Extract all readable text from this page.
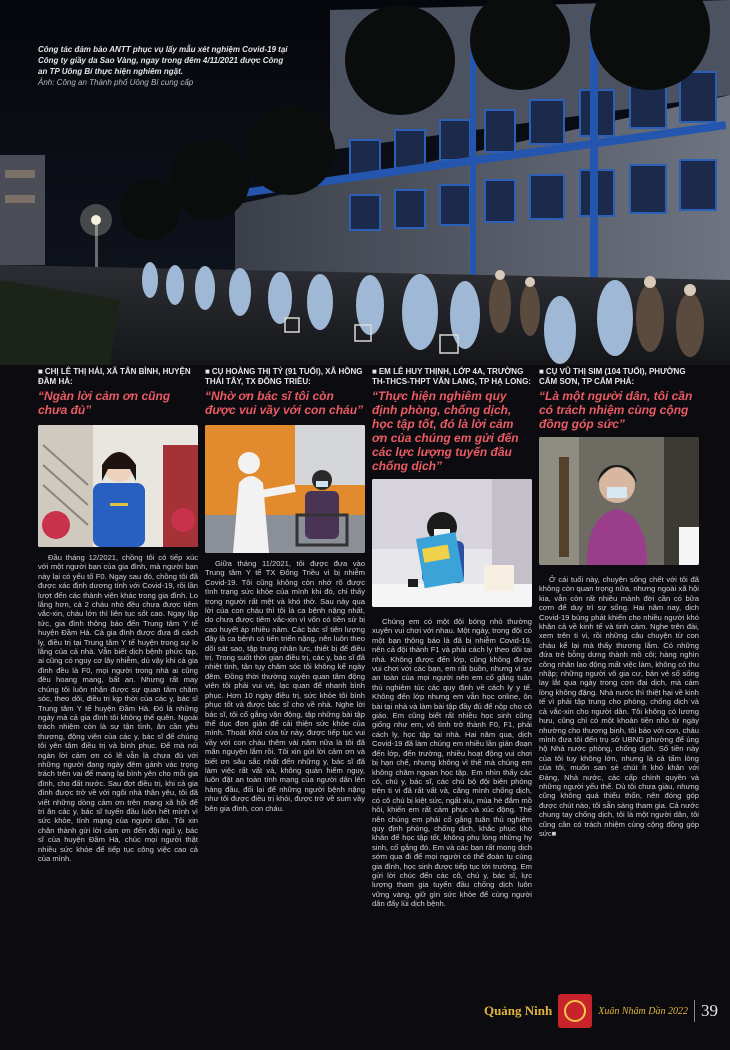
Công tác đảm bảo ANTT phục vụ lấy mẫu xét nghiệm Covid-19 tại Công ty giầy da Sao Vàng, ngay trong đêm 4/11/2021 được Công an TP Uông Bí thực hiện nghiêm ngặt.
Ảnh: Công an Thành phố Uông Bí cung cấp
■ CHỊ LÊ THỊ HẢI, XÃ TÂN BÌNH, HUYỆN ĐẦM HÀ:
“Ngàn lời cảm ơn cũng chưa đủ”
Đầu tháng 12/2021, chồng tôi có tiếp xúc với một người bạn của gia đình, mà người bạn này lại có yếu tố F0. Ngay sau đó, chồng tôi đã được xác định dương tính với Covid-19, rồi lần lượt đến các thành viên khác trong gia đình. Lo lắng hơn, cả 2 cháu nhỏ đều chưa được tiêm vắc-xin, cháu lớn thì liên tục sốt cao. Ngay lập tức, gia đình thông báo đến Trung tâm Y tế huyện Đầm Hà. Cả gia đình được đưa đi cách ly, điều trị tại Trung tâm Y tế huyện trong sự lo lắng của cả nhà. Vẫn biết dịch bệnh phức tạp, ai cũng có nguy cơ lây nhiễm, dù vậy khi cả gia đình đều là F0, mọi người trong nhà ai cũng đều hoang mang, bất an. Nhưng rất may chúng tôi luôn nhận được sự quan tâm chăm sóc, theo dõi, điều trị kịp thời của các y, bác sĩ Trung tâm Y tế huyện Đầm Hà. Đó là những ngày mà cả gia đình tôi không thể quên. Ngoài trách nhiệm còn là sự tận tình, ân cần yêu thương, động viên của các y, bác sĩ để chúng tôi yên tâm điều trị và bình phục. Để mà nói ngàn lời cảm ơn có lẽ vẫn là chưa đủ với những người đang ngày đêm gánh vác trọng trách trên vai để mang lại bình yên cho mỗi gia đình, cho đất nước. Sau đợt điều trị, khi cả gia đình được trở về với ngôi nhà thân yêu, tôi đã viết những dòng cảm ơn trên mạng xã hội để tri ân các y, bác sĩ tuyến đầu luôn hết mình vì sức khỏe, tính mạng của người dân. Tôi xin chân thành gửi lời cảm ơn đến đội ngũ y, bác sĩ của huyện Đầm Hà, chúc mọi người thật nhiều sức khỏe để tiếp tục công việc cao cả của mình.
■ CỤ HOÀNG THỊ TÝ (91 TUỔI), XÃ HỒNG THÁI TÂY, TX ĐÔNG TRIỀU:
“Nhờ ơn bác sĩ tôi còn được vui vầy với con cháu”
Giữa tháng 11/2021, tôi được đưa vào Trung tâm Y tế TX Đông Triều vì bị nhiễm Covid-19. Tôi cũng không còn nhớ rõ được tình trạng sức khỏe của mình khi đó, chỉ thấy trong người rất mệt và khó thở. Sau này qua lời của con cháu thì tôi là ca bệnh nặng nhất, do chưa được tiêm vắc-xin vì vốn có tiền sử bị cao huyết áp nhiều năm. Các bác sĩ tiên lượng đây là ca bệnh có tiến triển nặng, nên luôn theo dõi sát sao, tập trung nhân lực, thiết bị để điều trị. Trong suốt thời gian điều trị, các y, bác sĩ đã nhiệt tình, tận tụy chăm sóc tôi không kể ngày đêm. Đồng thời thường xuyên quan tâm động viên tôi phải vui vẻ, lạc quan để nhanh bình phục. Hơn 10 ngày điều trị, sức khỏe tôi bình phục tốt và được bác sĩ cho về nhà. Nghe lời bác sĩ, tôi cố gắng vận động, tập những bài tập thể dục đơn giản để cải thiện sức khỏe của mình. Thoát khỏi cửa tử này, được tiếp tục vui vầy với con cháu thêm vài năm nữa là tôi đã mãn nguyện lắm rồi. Tôi xin gửi lời cảm ơn và biết ơn sâu sắc nhất đến những y, bác sĩ đã làm việc rất vất vả, không quản hiểm nguy, luôn đặt an toàn tính mạng của người dân lên hàng đầu, đối lại để những người bệnh nặng như tôi được điều trị khỏi, được trở về sum vầy bên gia đình, con cháu.
■ EM LÊ HUY THỊNH, LỚP 4A, TRƯỜNG TH-THCS-THPT VĂN LANG, TP HẠ LONG:
“Thực hiện nghiêm quy định phòng, chống dịch, học tập tốt, đó là lời cảm ơn của chúng em gửi đến các lực lượng tuyến đầu chống dịch”
Chúng em có một đội bóng nhỏ thường xuyên vui chơi với nhau. Một ngày, trong đội có một bạn thông báo là đã bị nhiễm Covid-19, nên cả đội thành F1 và phải cách ly theo dõi tại nhà. Không được đến lớp, cũng không được vui chơi với các bạn, em rất buồn, nhưng vì sự an toàn của mọi người nên em cố gắng tuân thủ nghiêm túc các quy định về cách ly y tế. Không đến lớp nhưng em vẫn học online, ôn bài tại nhà và làm bài tập đầy đủ để nộp cho cô giáo. Em cũng biết rất nhiều học sinh cũng giống như em, vô tình trở thành F0, F1, phải cách ly, học tập tại nhà. Hai năm qua, dịch Covid-19 đã làm chúng em nhiều lần gián đoạn đến lớp, đến trường, nhiều hoạt động vui chơi bị hạn chế, nhưng không vì thế mà chúng em không chăm ngoan học tập. Em nhìn thấy các cô, chú y, bác sĩ, các chú bộ đội biên phòng trên ti vi đã rất vất vả, căng mình chống dịch, có cô chú bị kiệt sức, ngất xỉu, mùa hè đắm mồ hôi, khiến em rất cảm phục và xúc động. Thế nên chúng em phải cố gắng tuân thủ nghiêm quy định phòng, chống dịch, khắc phục khó khăn để học tập tốt, không phụ lòng những hy sinh, cố gắng đó. Em và các bạn rất mong dịch sớm qua đi để mọi người có thể đoàn tụ cùng gia đình, học sinh được tiếp tục tới trường. Em gửi lời chúc đến các cô, chú y, bác sĩ, lực lượng tham gia tuyến đầu chống dịch luôn vững vàng, giữ gìn sức khỏe để cùng người dân đẩy lùi dịch bệnh.
■ CỤ VŨ THỊ SIM (104 TUỔI), PHƯỜNG CẨM SƠN, TP CẨM PHẢ:
“Là một người dân, tôi cần có trách nhiệm cùng cộng đồng góp sức”
Ở cái tuổi này, chuyện sống chết với tôi đã không còn quan trọng nữa, nhưng ngoài xã hội kia, vẫn còn rất nhiều mảnh đời cần có bữa cơm để duy trì sự sống. Hai năm nay, dịch Covid-19 bùng phát khiến cho nhiều người khó khăn cả về kinh tế và tinh cảm. Nghe trên đài, xem trên ti vi, rồi những câu chuyện từ con cháu kể lại mà thấy thương lắm. Có những đứa trẻ bỗng dưng thành mồ côi; hàng nghìn công nhân lao động mất việc làm, không có thu nhập; những người vô gia cư, bán vé số sống lay lắt qua ngày trong cơn đại dịch, mà cảm lòng không đặng. Nhà nước thì thiệt hại về kinh tế vì phải tập trung cho phòng, chống dịch và cả vắc-xin cho người dân. Tôi không có lương hưu, cũng chỉ có một khoản tiền nhỏ từ ngày nhường cho thương binh, tôi bảo với con, cháu mình đưa tôi đến trụ sở UBND phường để ủng hộ Nhà nước phòng, chống dịch. Số tiền này của tôi tuy không lớn, nhưng là cả tấm lòng của tôi, muốn san sẻ chút ít khó khăn với Đảng, Nhà nước, các cấp chính quyền và những người yếu thế. Dù tôi chưa giàu, nhưng cũng không quá thiếu thốn, nên đóng góp được chút nào, tôi sẵn sàng tham gia. Cả nước chung tay chống dịch, tôi là một người dân, tôi cũng cần có trách nhiệm cùng cộng đồng góp sức■
Quảng Ninh	Xuân Nhâm Dần 2022 39
